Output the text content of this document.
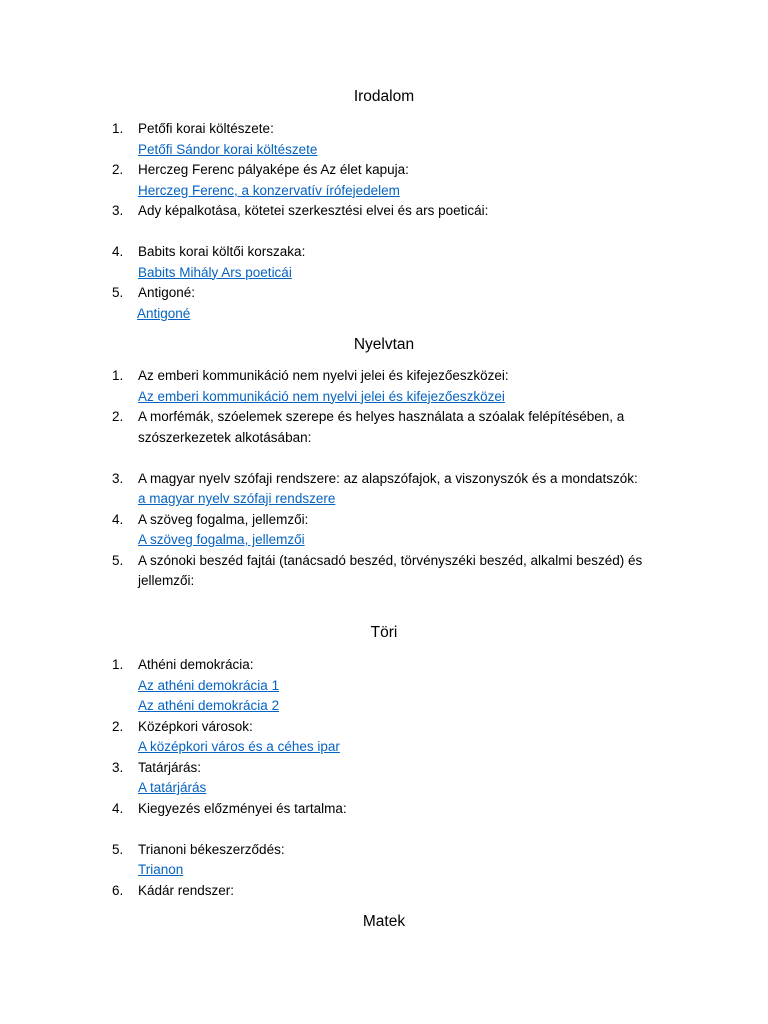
Irodalom
1.	Petőfi korai költészete:
Petőfi Sándor korai költészete
2.	Herczeg Ferenc pályaképe és Az élet kapuja:
Herczeg Ferenc, a konzervatív írófejedelem
3.	Ady képalkotása, kötetei szerkesztési elvei és ars poeticái:
4.	Babits korai költői korszaka:
Babits Mihály Ars poeticái
5.	Antigoné:
Antigoné
Nyelvtan
1.	Az emberi kommunikáció nem nyelvi jelei és kifejezőeszközei:
Az emberi kommunikáció nem nyelvi jelei és kifejezőeszközei
2.	A morfémák, szóelemek szerepe és helyes használata a szóalak felépítésében, a
szószerkezetek alkotásában:
3.	A magyar nyelv szófaji rendszere: az alapszófajok, a viszonyszók és a mondatszók:
a magyar nyelv szófaji rendszere
4.	A szöveg fogalma, jellemzői:
A szöveg fogalma, jellemzői
5.	A szónoki beszéd fajtái (tanácsadó beszéd, törvényszéki beszéd, alkalmi beszéd) és
jellemzői:
Töri
1.	Athéni demokrácia:
Az athéni demokrácia 1
Az athéni demokrácia 2
2.	Középkori városok:
A középkori város és a céhes ipar
3.	Tatárjárás:
A tatárjárás
4.	Kiegyezés előzményei és tartalma:
5.	Trianoni békeszerződés:
Trianon
6.	Kádár rendszer:
Matek
